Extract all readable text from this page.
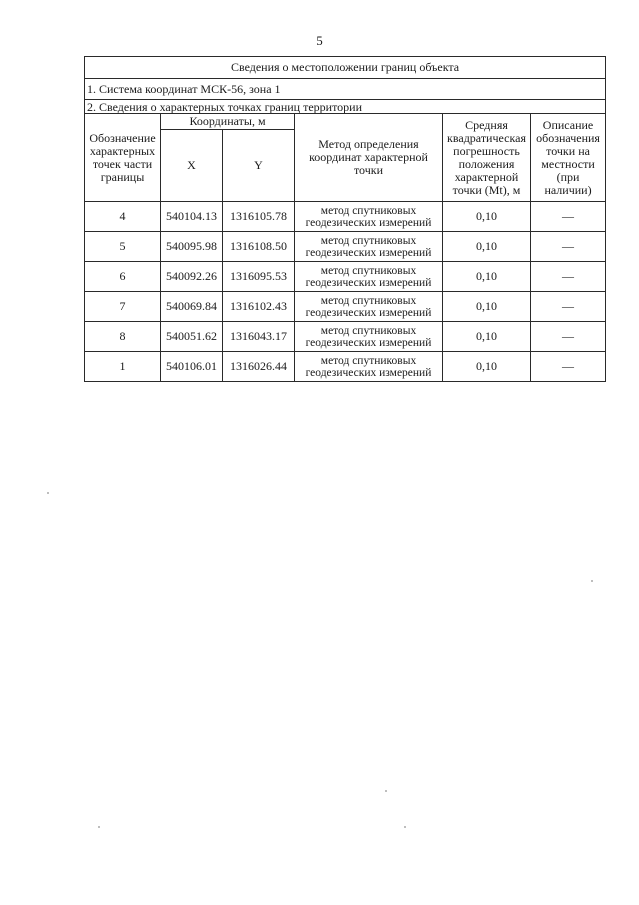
5
Сведения о местоположении границ объекта					
1. Система координат МСК-56, зона 1					
2. Сведения о характерных точках границ территории					
Обозначение характерных точек части границы	Координаты, м		Метод определения координат характерной точки	Средняя квадратическая погрешность положения характерной точки (Mt), м	Описание обозначения точки на местности (при наличии)
	X	Y			
4	540104.13	1316105.78	метод спутниковых геодезических измерений	0,10	—
5	540095.98	1316108.50	метод спутниковых геодезических измерений	0,10	—
6	540092.26	1316095.53	метод спутниковых геодезических измерений	0,10	—
7	540069.84	1316102.43	метод спутниковых геодезических измерений	0,10	—
8	540051.62	1316043.17	метод спутниковых геодезических измерений	0,10	—
1	540106.01	1316026.44	метод спутниковых геодезических измерений	0,10	—
